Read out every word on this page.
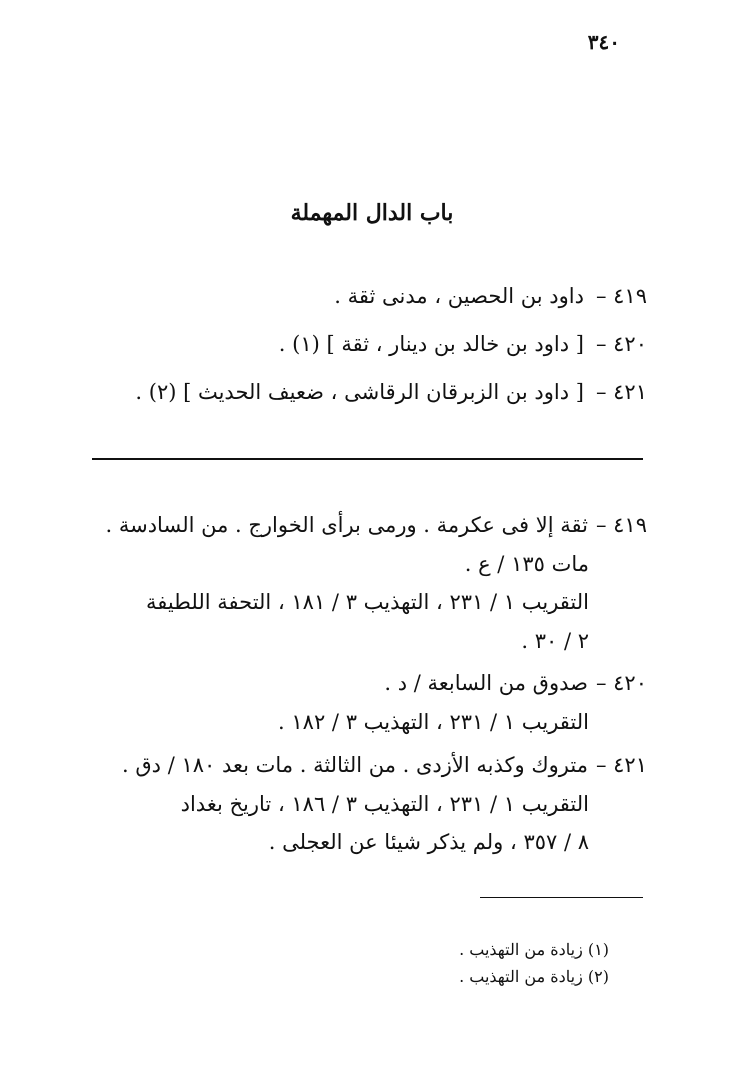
٣٤٠
باب الدال المهملة
٤١٩ –داود بن الحصين ، مدنى ثقة .
٤٢٠ –[ داود بن خالد بن دينار ، ثقة ] (١) .
٤٢١ –[ داود بن الزبرقان الرقاشى ، ضعيف الحديث ] (٢) .
٤١٩ –ثقة إلا فى عكرمة . ورمى برأى الخوارج . من السادسة .
مات ١٣٥ / ع .
التقريب ١ / ٢٣١ ، التهذيب ٣ / ١٨١ ، التحفة اللطيفة
٢ / ٣٠ .
٤٢٠ –صدوق من السابعة / د .
التقريب ١ / ٢٣١ ، التهذيب ٣ / ١٨٢ .
٤٢١ –متروك وكذبه الأزدى . من الثالثة . مات بعد ١٨٠ / دق .
التقريب ١ / ٢٣١ ، التهذيب ٣ / ١٨٦ ، تاريخ بغداد
٨ / ٣٥٧ ، ولم يذكر شيئا عن العجلى .
(١) زيادة من التهذيب .
(٢) زيادة من التهذيب .
